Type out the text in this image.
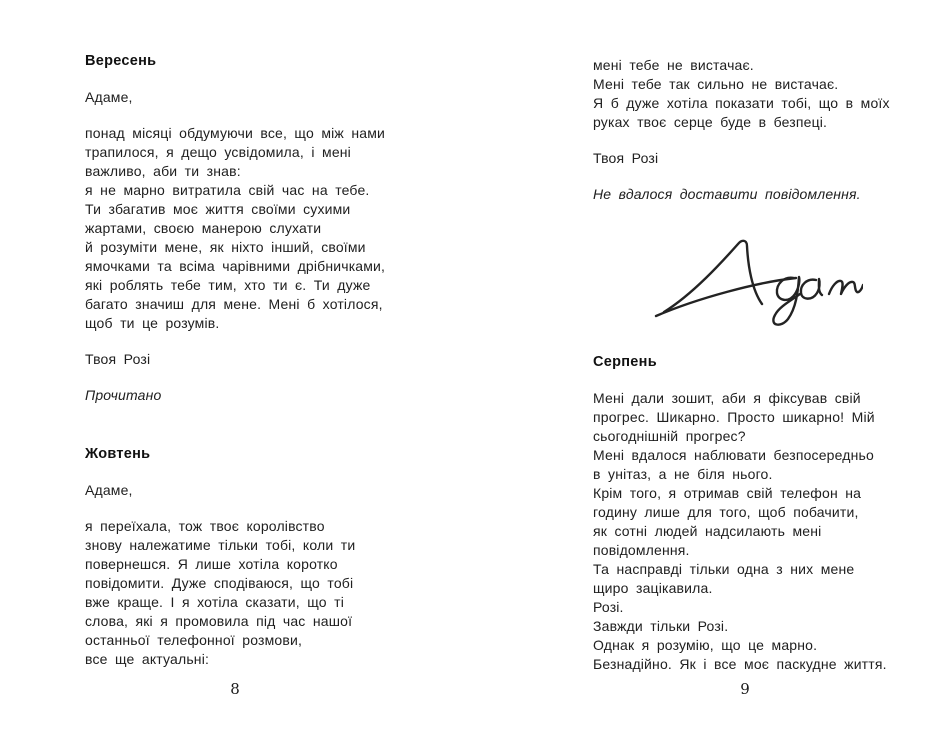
Вересень

Адаме,

понад місяці обдумуючи все, що між нами
трапилося, я дещо усвідомила, і мені
важливо, аби ти знав:
я не марно витратила свій час на тебе.
Ти збагатив моє життя своїми сухими
жартами, своєю манерою слухати
й розуміти мене, як ніхто інший, своїми
ямочками та всіма чарівними дрібничками,
які роблять тебе тим, хто ти є. Ти дуже
багато значиш для мене. Мені б хотілося,
щоб ти це розумів.

Твоя Розі

Прочитано

Жовтень

Адаме,

я переїхала, тож твоє королівство
знову належатиме тільки тобі, коли ти
повернешся. Я лише хотіла коротко
повідомити. Дуже сподіваюся, що тобі
вже краще. І я хотіла сказати, що ті
слова, які я промовила під час нашої
останньої телефонної розмови,
все ще актуальні:
мені тебе не вистачає.
Мені тебе так сильно не вистачає.
Я б дуже хотіла показати тобі, що в моїх
руках твоє серце буде в безпеці.

Твоя Розі

Не вдалося доставити повідомлення.

Серпень
Мені дали зошит, аби я фіксував свій
прогрес. Шикарно. Просто шикарно! Мій
сьогоднішній прогрес?
Мені вдалося наблювати безпосередньо
в унітаз, а не біля нього.
Крім того, я отримав свій телефон на
годину лише для того, щоб побачити,
як сотні людей надсилають мені
повідомлення.
Та насправді тільки одна з них мене
щиро зацікавила.
Розі.
Завжди тільки Розі.
Однак я розумію, що це марно.
Безнадійно. Як і все моє паскудне життя.
8	9
